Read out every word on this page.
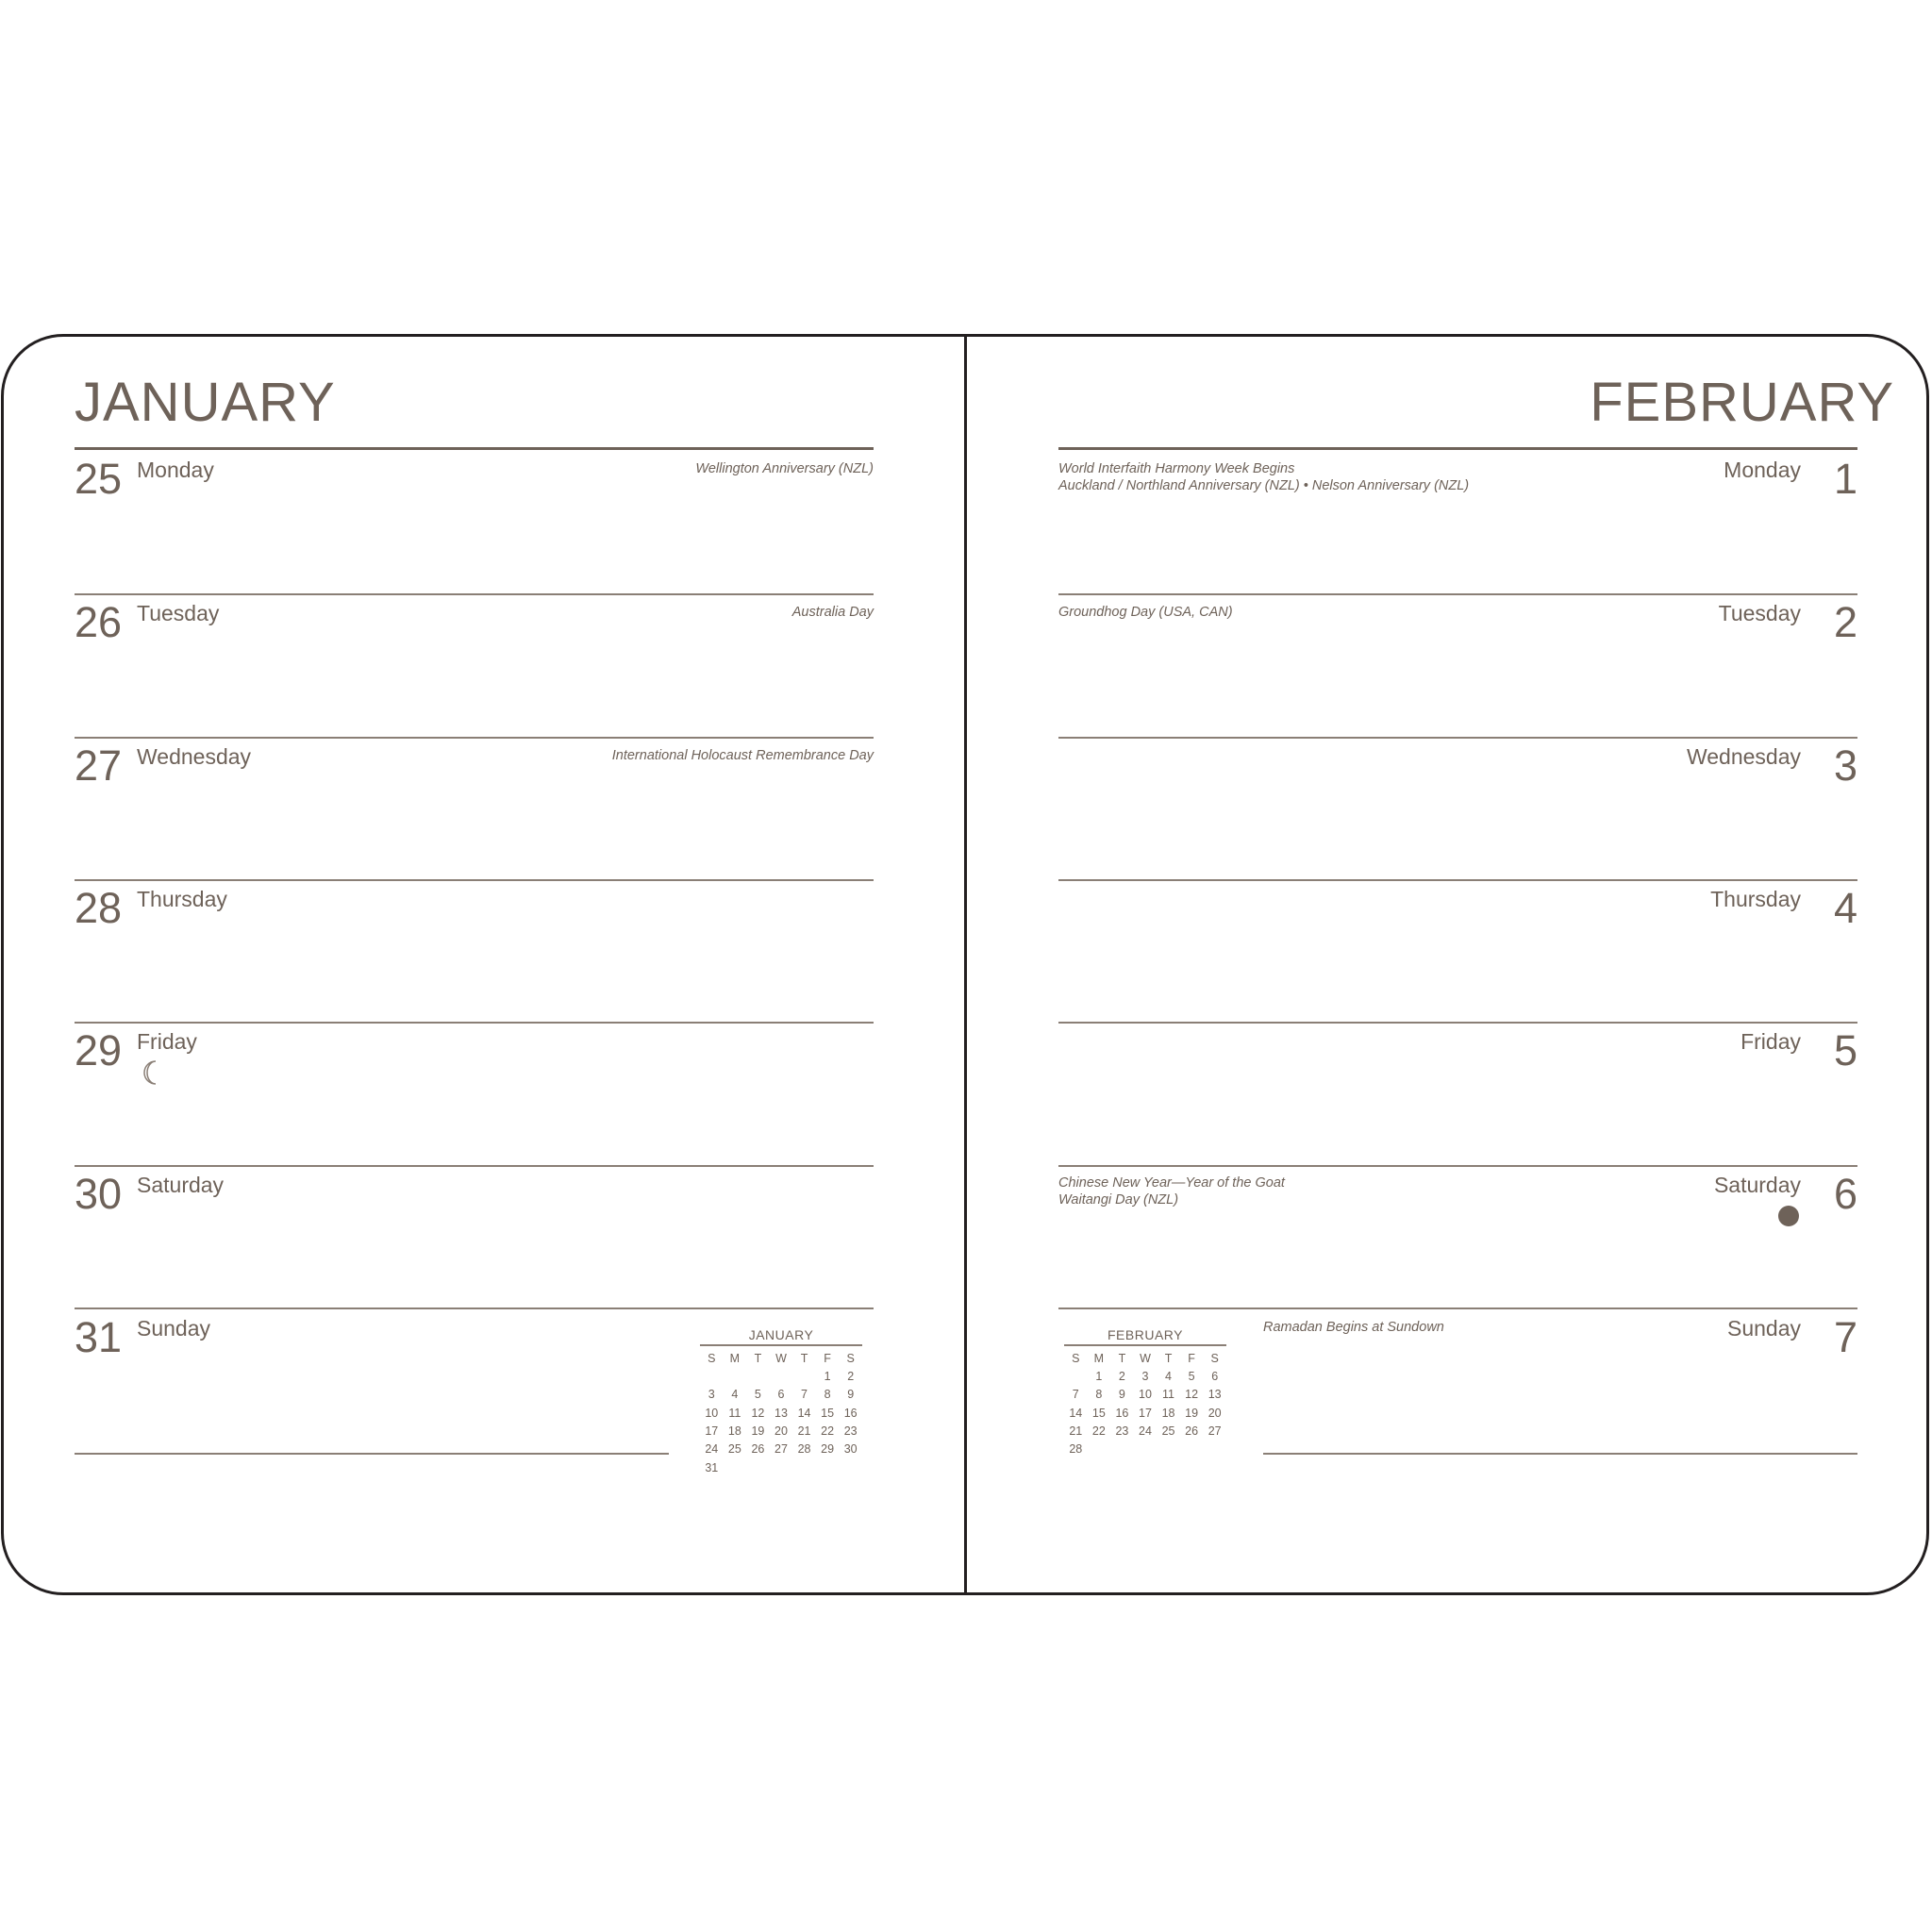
JANUARY
25 Monday	Wellington Anniversary (NZL)
26 Tuesday	Australia Day
27 Wednesday	International Holocaust Remembrance Day
28 Thursday
29 Friday
30 Saturday
31 Sunday	JANUARY
S	M	T	W	T	F	S
					1	2
3	4	5	6	7	8	9
10	11	12	13	14	15	16
17	18	19	20	21	22	23
24	25	26	27	28	29	30
31						
FEBRUARY
World Interfaith Harmony Week Begins
Auckland / Northland Anniversary (NZL) • Nelson Anniversary (NZL)
Monday 1
Groundhog Day (USA, CAN)	Tuesday 2
Wednesday 3
Thursday 4
Friday 5
Chinese New Year—Year of the Goat
Waitangi Day (NZL)
Saturday 6
Ramadan Begins at Sundown	Sunday 7
FEBRUARY
S	M	T	W	T	F	S
	1	2	3	4	5	6
7	8	9	10	11	12	13
14	15	16	17	18	19	20
21	22	23	24	25	26	27
28						
